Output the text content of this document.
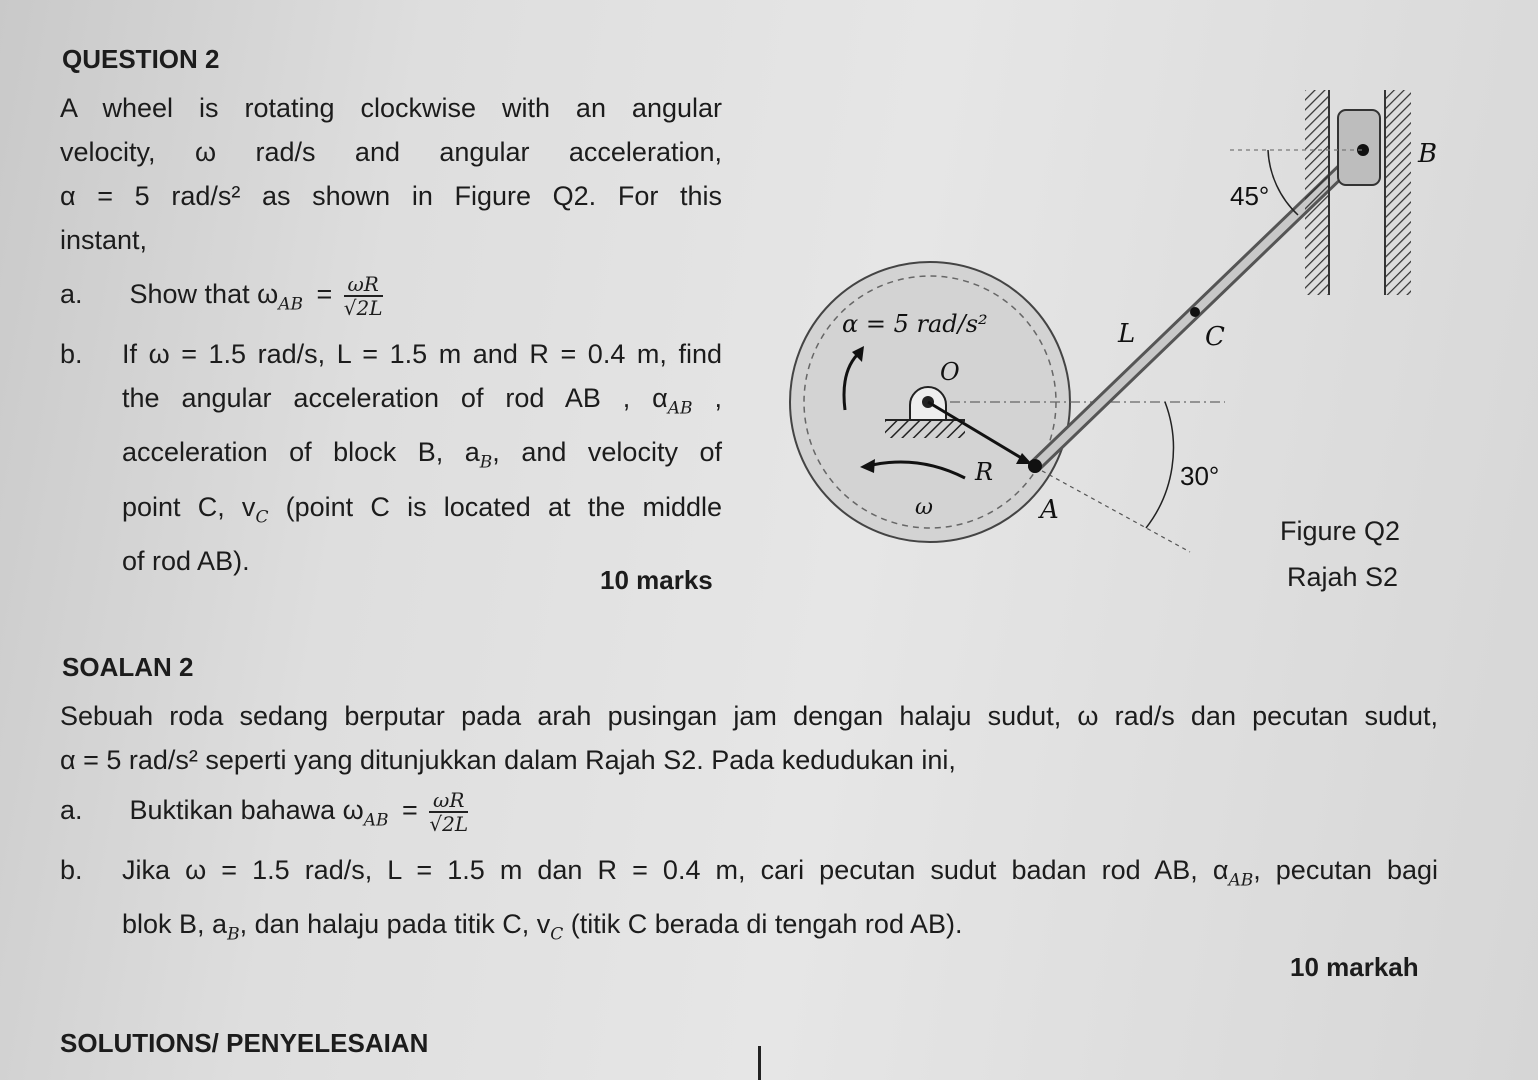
QUESTION 2
A wheel is rotating clockwise with an angular
velocity, ω rad/s and angular acceleration,
α = 5 rad/s² as shown in Figure Q2. For this
instant,
a. Show that $\omega_{AB} = \frac{\omega R}{√2L}$
b.	If ω = 1.5 rad/s, L = 1.5 m and R = 0.4 m, find
the angular acceleration of rod AB , $\alpha_{AB}$ ,
acceleration of block B, $a_B$, and velocity of
point C, $v_C$ (point C is located at the middle
of rod AB).
10 marks
α = 5 rad/s²
O
R
ω	A
L	C
B
45°
30°
Figure Q2
Rajah S2
SOALAN 2
Sebuah roda sedang berputar pada arah pusingan jam dengan halaju sudut, ω rad/s dan pecutan sudut,
α = 5 rad/s² seperti yang ditunjukkan dalam Rajah S2. Pada kedudukan ini,
a. Buktikan bahawa $\omega_{AB} = \frac{\omega R}{√2L}$
b.	Jika ω = 1.5 rad/s, L = 1.5 m dan R = 0.4 m, cari pecutan sudut badan rod AB, $\alpha_{AB}$, pecutan bagi
blok B, $a_B$, dan halaju pada titik C, $v_C$ (titik C berada di tengah rod AB).
10 markah
SOLUTIONS/ PENYELESAIAN
